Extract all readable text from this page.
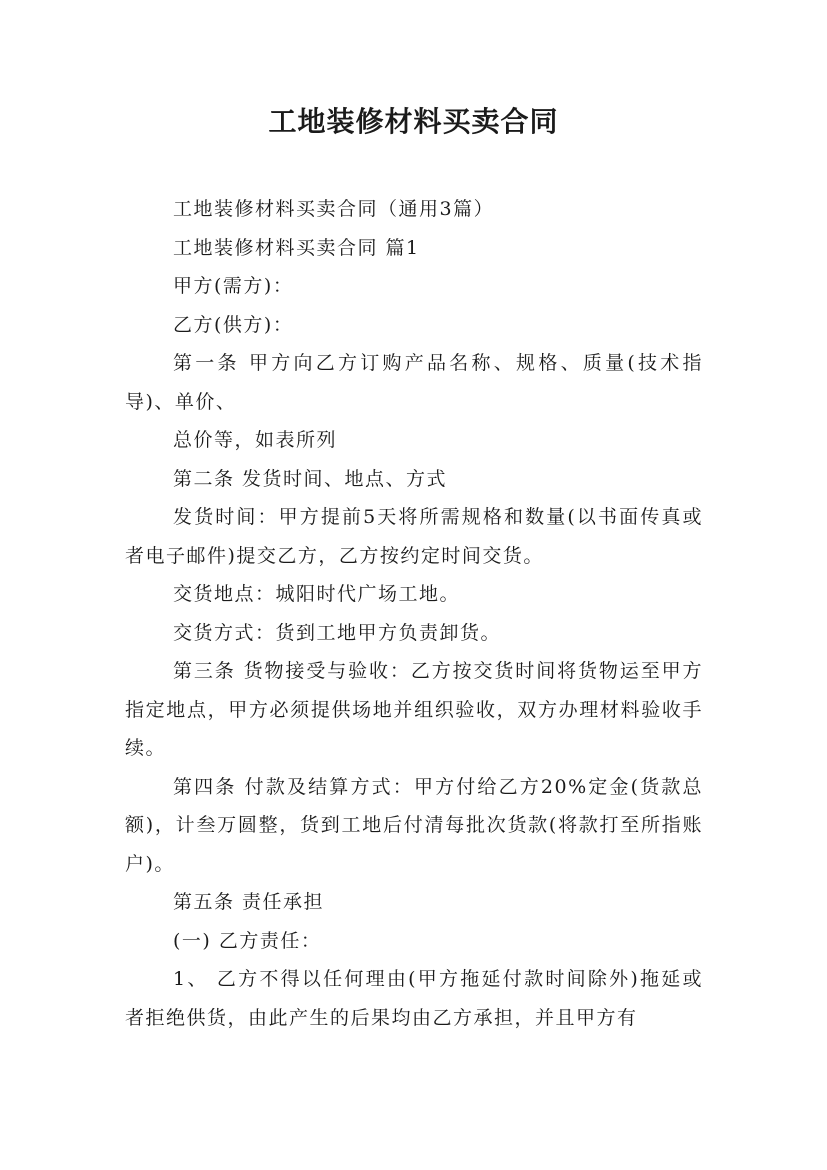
工地装修材料买卖合同

工地装修材料买卖合同（通用3篇）

工地装修材料买卖合同 篇1

甲方(需方)：

乙方(供方)：

第一条 甲方向乙方订购产品名称、规格、质量(技术指导)、单价、

总价等，如表所列

第二条 发货时间、地点、方式

发货时间：甲方提前5天将所需规格和数量(以书面传真或者电子邮件)提交乙方，乙方按约定时间交货。

交货地点：城阳时代广场工地。

交货方式：货到工地甲方负责卸货。

第三条 货物接受与验收：乙方按交货时间将货物运至甲方指定地点，甲方必须提供场地并组织验收，双方办理材料验收手续。

第四条 付款及结算方式：甲方付给乙方20%定金(货款总额)，计叁万圆整，货到工地后付清每批次货款(将款打至所指账户)。

第五条 责任承担

(一) 乙方责任：

1、 乙方不得以任何理由(甲方拖延付款时间除外)拖延或者拒绝供货，由此产生的后果均由乙方承担，并且甲方有
